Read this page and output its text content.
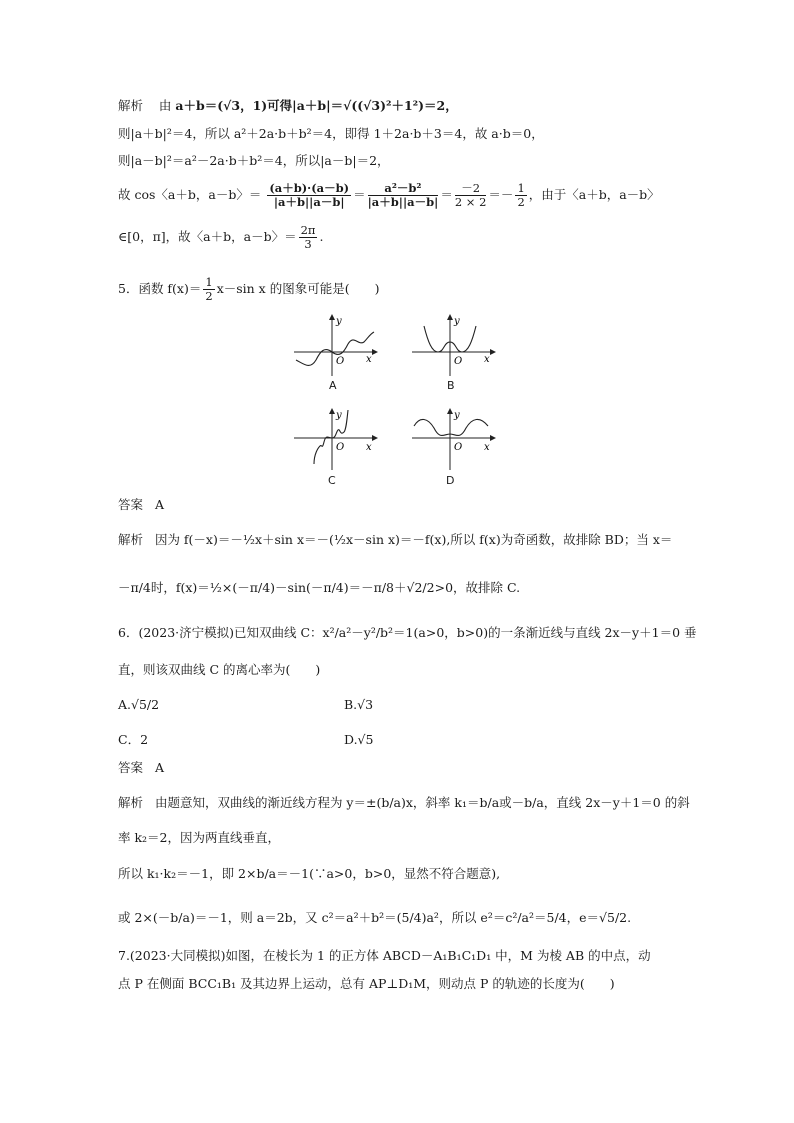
解析 由 a＋b＝(√3，1)可得|a＋b|＝√((√3)²＋1²)＝2，
则|a＋b|²＝4，所以 a²＋2a·b＋b²＝4，即得 1＋2a·b＋3＝4，故 a·b＝0，
则|a－b|²＝a²－2a·b＋b²＝4，所以|a－b|＝2，
故 cos〈a＋b，a－b〉＝ $\frac{(a+b)\cdot(a-b)}{|a+b||a-b|} = \frac{\text{a²－b²}}{|a+b||a-b|} = \frac{-2}{2 \times 2} =- \frac{1}{2}$ ，由于〈a＋b，a－b〉
∈[0，π]，故〈a＋b，a－b〉＝ $\frac{2\pi}{3}$ .
5．函数 $f(x)= \frac{1}{2} x-\sin$ x 的图象可能是(　　)
y
x
O
A
y
x
O
B
y
x
O
C
y
x
O
D
答案 A
解析 因为 f(－x)＝－½x＋sin x＝－(½x－sin x)＝－f(x),所以 f(x)为奇函数，故排除 BD；当 x＝
－π/4时，f(x)＝½×(－π/4)－sin(－π/4)＝－π/8＋√2/2>0，故排除 C.
6．(2023·济宁模拟)已知双曲线 C：x²/a²－y²/b²＝1(a>0，b>0)的一条渐近线与直线 2x－y＋1＝0 垂
直，则该双曲线 C 的离心率为(　　)
A.√5/2	B.√3
C．2	D.√5
答案 A
解析 由题意知，双曲线的渐近线方程为 y＝±(b/a)x，斜率 k₁＝b/a或－b/a，直线 2x－y＋1＝0 的斜
率 k₂＝2，因为两直线垂直，
所以 k₁·k₂＝－1，即 2×b/a＝－1(∵a>0，b>0，显然不符合题意),
或 2×(－b/a)＝－1，则 a＝2b，又 c²＝a²＋b²＝(5/4)a²，所以 e²＝c²/a²＝5/4，e＝√5/2.
7.(2023·大同模拟)如图，在棱长为 1 的正方体 ABCD－A₁B₁C₁D₁ 中，M 为棱 AB 的中点，动
点 P 在侧面 BCC₁B₁ 及其边界上运动，总有 AP⊥D₁M，则动点 P 的轨迹的长度为(　　)
